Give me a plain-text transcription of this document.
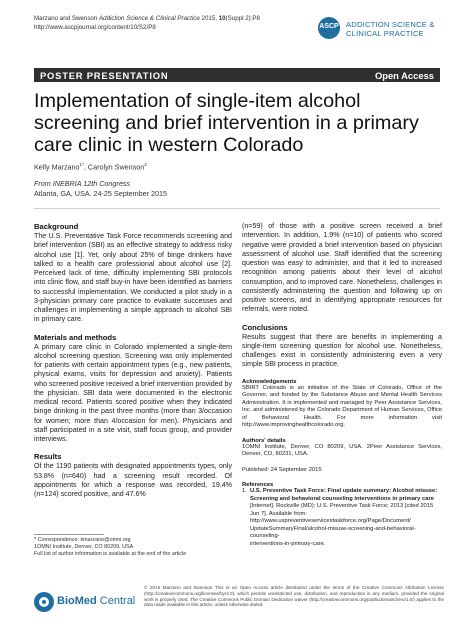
Marzano and Swenson Addiction Science & Clinical Practice 2015, 10(Suppl 2):P8
http://www.ascpjournal.org/content/10/S2/P8	ASCP ADDICTION SCIENCE &
CLINICAL PRACTICE
POSTER PRESENTATION	Open Access
Implementation of single-item alcohol screening and brief intervention in a primary care clinic in western Colorado
Kelly Marzano$^{1*}$, Carolyn Swenson$^2$
From INEBRIA 12th Congress
Atlanta, GA, USA. 24-25 September 2015
Background

The U.S. Preventative Task Force recommends screening and brief intervention (SBI) as an effective strategy to address risky alcohol use [1]. Yet, only about 25% of binge drinkers have talked to a health care professional about alcohol use [2]. Perceived lack of time, difficulty implementing SBI protocols into clinic flow, and staff buy-in have been identified as barriers to successful implementation. We conducted a pilot study in a 3-physician primary care practice to evaluate successes and challenges in implementing a simple approach to alcohol SBI in primary care.

Materials and methods

A primary care clinic in Colorado implemented a single-item alcohol screening question. Screening was only implemented for patients with certain appointment types (e.g., new patients, physical exams, visits for depression and anxiety). Patients who screened positive received a brief intervention provided by the physician. SBI data were documented in the electronic medical record. Patients scored positive when they indicated binge drinking in the past three months (more than 3/occasion for women; more than 4/occasion for men). Physicians and staff participated in a site visit, staff focus group, and provider interviews.

Results

Of the 1190 patients with designated appointments types, only 53.8% (n=640) had a screening result recorded. Of appointments for which a response was recorded, 19.4% (n=124) scored positive, and 47.6%

(n=59) of those with a positive screen received a brief intervention. In addition, 1.9% (n=10) of patients who scored negative were provided a brief intervention based on physician assessment of alcohol use. Staff identified that the screening question was easy to administer, and that it led to increased recognition among patients about their level of alcohol consumption, and to improved care. Nonetheless, challenges in consistently administering the question and following up on positive screens, and in identifying appropriate resources for referrals, were noted.

Conclusions

Results suggest that there are benefits in implementing a single-item screening question for alcohol use. Nonetheless, challenges exist in consistently administering even a very simple SBI process in practice.

Acknowledgements

SBIRT Colorado is an initiative of the State of Colorado, Office of the Governor, and funded by the Substance Abuse and Mental Health Services Administration. It is implemented and managed by Peer Assistance Services, Inc. and administered by the Colorado Department of Human Services, Office of Behavioral Health. For more information visit http://www.improvinghealthcolorado.org.

Authors' details

1OMNI Institute, Denver, CO 80209, USA. 2Peer Assistance Services, Denver, CO, 80231, USA.

Published: 24 September 2015

References
1. U.S. Preventive Task Force: Final update summary: Alcohol misuse:
Screening and behavioral counseling interventions in primary care
[Internet]. Rockville (MD): U.S. Preventive Task Force; 2013 [cited 2015 Jun 7]. Available from:
http://www.uspreventiveservicestaskforce.org/Page/Document/
UpdateSummaryFinal/alcohol-misuse-screening-and-behavioral-counseling-
interventions-in-primary-care.
* Correspondence: kmarzano@omni.org
1OMNI Institute, Denver, CO 80209, USA
Full list of author information is available at the end of the article
BioMed Central
© 2015 Marzano and Swenson This is an Open Access article distributed under the terms of the Creative Commons Attribution License (http://creativecommons.org/licenses/by/4.0), which permits unrestricted use, distribution, and reproduction in any medium, provided the original work is properly cited. The Creative Commons Public Domain Dedication waiver (http://creativecommons.org/publicdomain/zero/1.0/) applies to the data made available in this article, unless otherwise stated.
